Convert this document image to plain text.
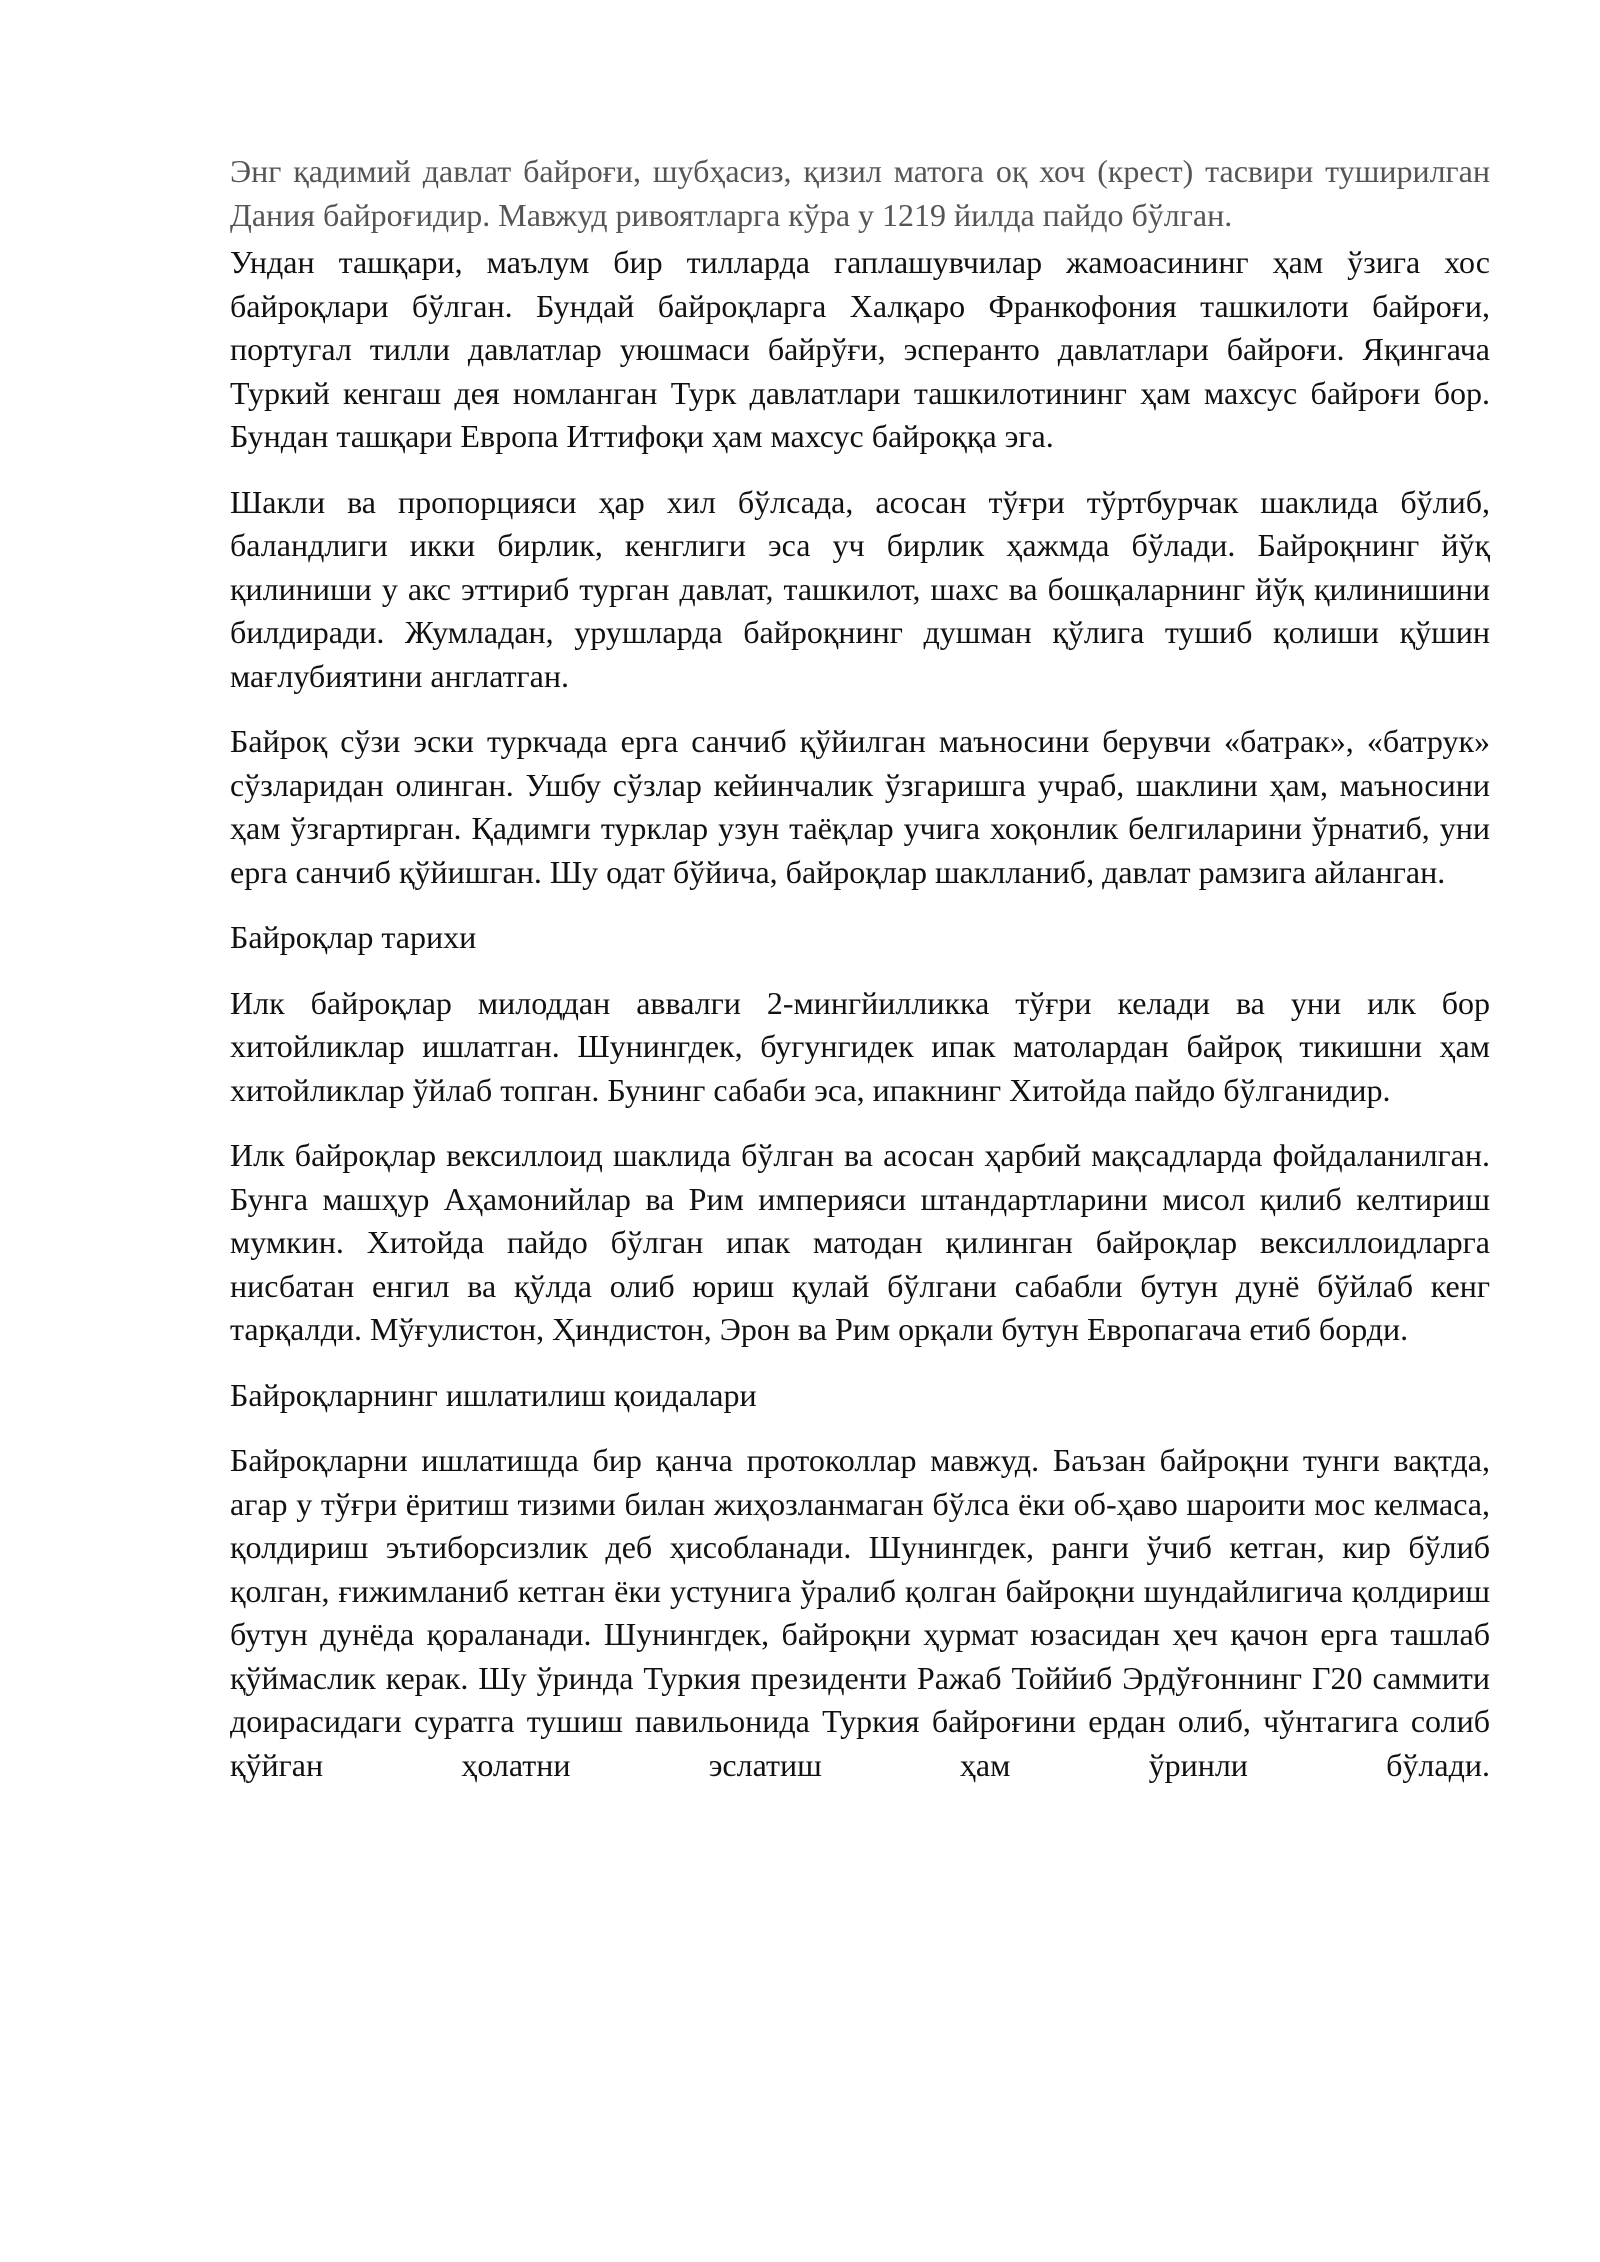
Энг қадимий давлат байроғи, шубҳасиз, қизил матога оқ хоч (крест) тасвири туширилган Дания байроғидир. Мавжуд ривоятларга кўра у 1219 йилда пайдо бўлган.

Ундан ташқари, маълум бир тилларда гаплашувчилар жамоасининг ҳам ўзига хос байроқлари бўлган. Бундай байроқларга Халқаро Франкофония ташкилоти байроғи, португал тилли давлатлар уюшмаси байрўғи, эсперанто давлатлари байроғи. Яқингача Туркий кенгаш дея номланган Турк давлатлари ташкилотининг ҳам махсус байроғи бор. Бундан ташқари Европа Иттифоқи ҳам махсус байроққа эга.

Шакли ва пропорцияси ҳар хил бўлсада, асосан тўғри тўртбурчак шаклида бўлиб, баландлиги икки бирлик, кенглиги эса уч бирлик ҳажмда бўлади. Байроқнинг йўқ қилиниши у акс эттириб турган давлат, ташкилот, шахс ва бошқаларнинг йўқ қилинишини билдиради. Жумладан, урушларда байроқнинг душман қўлига тушиб қолиши қўшин мағлубиятини англатган.

Байроқ сўзи эски туркчада ерга санчиб қўйилган маъносини берувчи «батрак», «батрук» сўзларидан олинган. Ушбу сўзлар кейинчалик ўзгаришга учраб, шаклини ҳам, маъносини ҳам ўзгартирган. Қадимги турклар узун таёқлар учига хоқонлик белгиларини ўрнатиб, уни ерга санчиб қўйишган. Шу одат бўйича, байроқлар шаклланиб, давлат рамзига айланган.

Байроқлар тарихи

Илк байроқлар милоддан аввалги 2-мингйилликка тўғри келади ва уни илк бор хитойликлар ишлатган. Шунингдек, бугунгидек ипак матолардан байроқ тикишни ҳам хитойликлар ўйлаб топган. Бунинг сабаби эса, ипакнинг Хитойда пайдо бўлганидир.

Илк байроқлар вексиллоид шаклида бўлган ва асосан ҳарбий мақсадларда фойдаланилган. Бунга машҳур Аҳамонийлар ва Рим империяси штандартларини мисол қилиб келтириш мумкин. Хитойда пайдо бўлган ипак матодан қилинган байроқлар вексиллоидларга нисбатан енгил ва қўлда олиб юриш қулай бўлгани сабабли бутун дунё бўйлаб кенг тарқалди. Мўғулистон, Ҳиндистон, Эрон ва Рим орқали бутун Европагача етиб борди.

Байроқларнинг ишлатилиш қоидалари

Байроқларни ишлатишда бир қанча протоколлар мавжуд. Баъзан байроқни тунги вақтда, агар у тўғри ёритиш тизими билан жиҳозланмаган бўлса ёки об-ҳаво шароити мос келмаса, қолдириш эътиборсизлик деб ҳисобланади. Шунингдек, ранги ўчиб кетган, кир бўлиб қолган, ғижимланиб кетган ёки устунига ўралиб қолган байроқни шундайлигича қолдириш бутун дунёда қораланади. Шунингдек, байроқни ҳурмат юзасидан ҳеч қачон ерга ташлаб қўймаслик керак. Шу ўринда Туркия президенти Ражаб Тоййиб Эрдўғоннинг Г20 саммити доирасидаги суратга тушиш павильонида Туркия байроғини ердан олиб, чўнтагига солиб қўйган ҳолатни эслатиш ҳам ўринли бўлади.
